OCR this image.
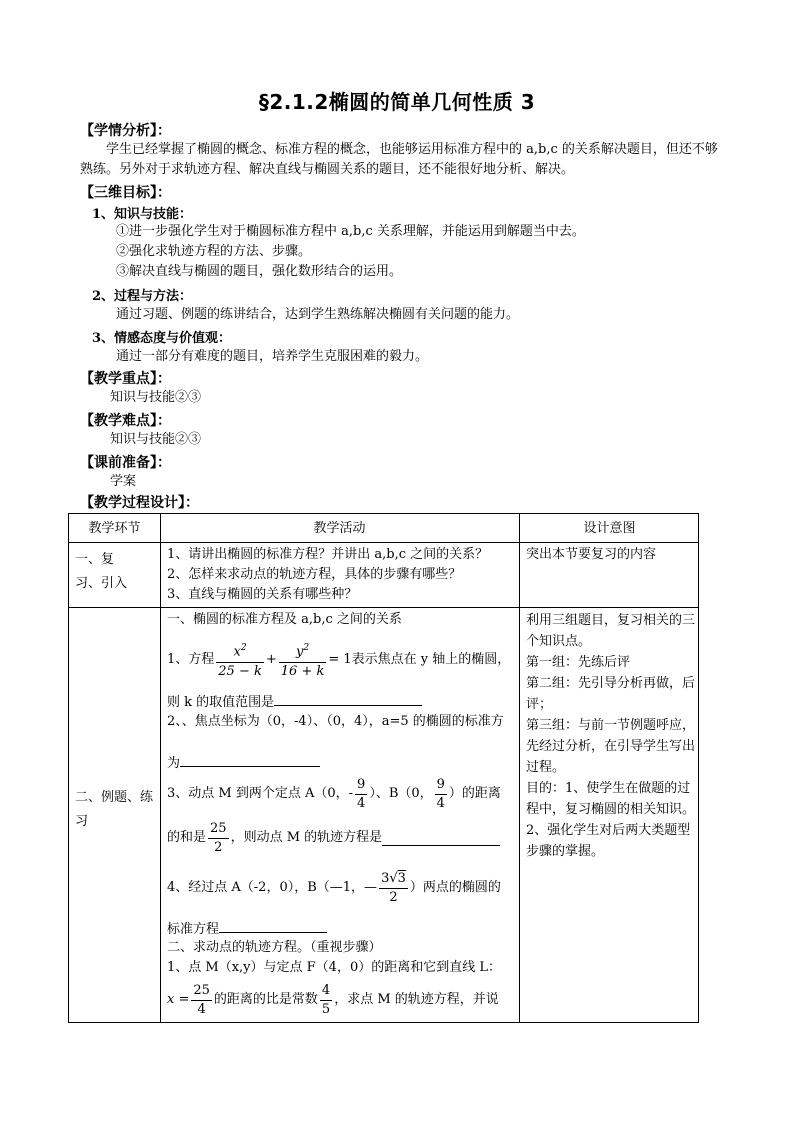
§2.1.2椭圆的简单几何性质 3
【学情分析】：
学生已经掌握了椭圆的概念、标准方程的概念，也能够运用标准方程中的 a,b,c 的关系解决题目，但还不够熟练。另外对于求轨迹方程、解决直线与椭圆关系的题目，还不能很好地分析、解决。
【三维目标】：
1、知识与技能：
①进一步强化学生对于椭圆标准方程中 a,b,c 关系理解，并能运用到解题当中去。
②强化求轨迹方程的方法、步骤。
③解决直线与椭圆的题目，强化数形结合的运用。
2、过程与方法：
通过习题、例题的练讲结合，达到学生熟练解决椭圆有关问题的能力。
3、情感态度与价值观：
通过一部分有难度的题目，培养学生克服困难的毅力。
【教学重点】：
知识与技能②③
【教学难点】：
知识与技能②③
【课前准备】：
学案
【教学过程设计】：
教学环节	教学活动	设计意图
一、复习、引入
1、请讲出椭圆的标准方程？并讲出 a,b,c 之间的关系？
2、怎样来求动点的轨迹方程，具体的步骤有哪些？
3、直线与椭圆的关系有哪些种？
突出本节要复习的内容
二、例题、练习
一、椭圆的标准方程及 a,b,c 之间的关系
1、方程 $\frac{x^2}{25 - k} + \frac{y^2}{16 + k} = 1$表示焦点在 y 轴上的椭圆，
则 k 的取值范围是
2、、焦点坐标为（0，-4）、（0，4），a=5 的椭圆的标准方
为
3、动点 M 到两个定点 A（0，- $\frac{9}{4}$ ）、B（0， $\frac{9}{4}$ ）的距离
的和是 $\frac{25}{2}$ ，则动点 M 的轨迹方程是
4、经过点 A（-2，0），B（—1，— $\frac{3√3}{2}$ ）两点的椭圆的
标准方程
二、求动点的轨迹方程。（重视步骤）
1、点 M（x,y）与定点 F（4，0）的距离和它到直线 L：
$x = \frac{25}{4}$ 的距离的比是常数 $\frac{4}{5}$ ，求点 M 的轨迹方程，并说
利用三组题目，复习相关的三个知识点。
第一组：先练后评
第二组：先引导分析再做，后评；
第三组：与前一节例题呼应，先经过分析，在引导学生写出过程。
目的：1、使学生在做题的过程中，复习椭圆的相关知识。
2、强化学生对后两大类题型步骤的掌握。
